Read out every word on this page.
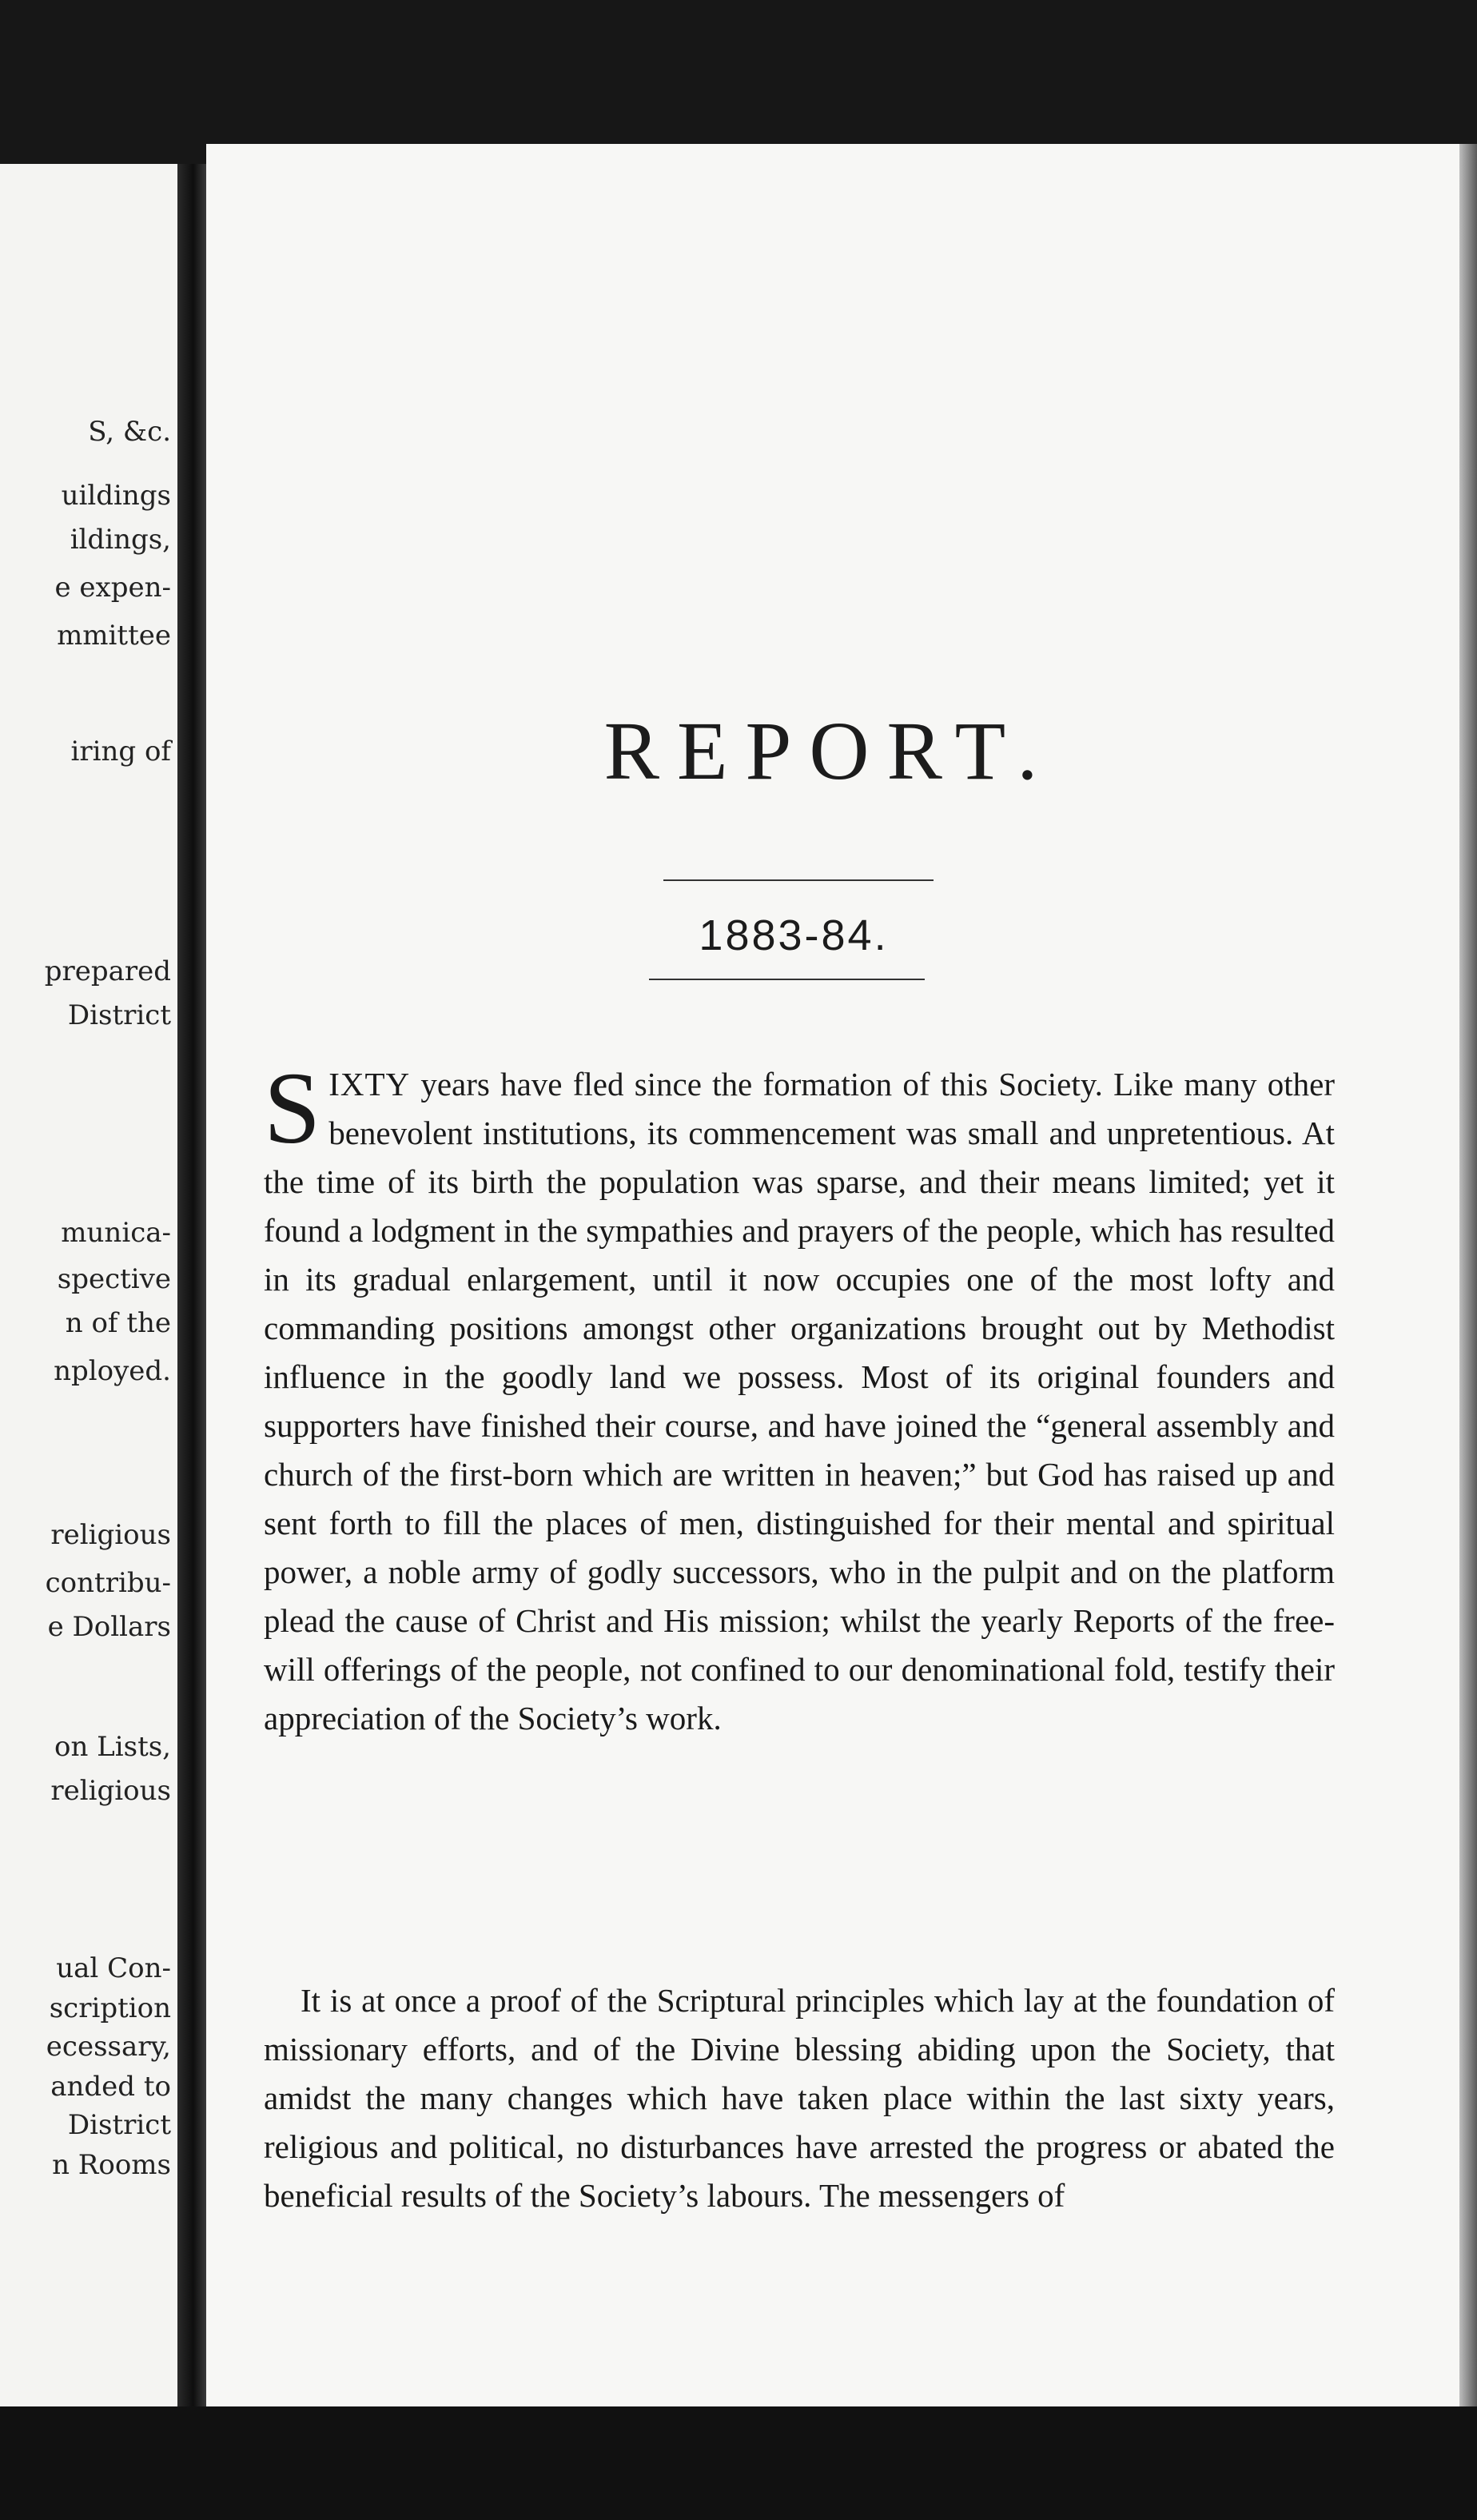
S, &c.
uildings
ildings,
e expen-
mmittee
iring of
prepared
District
munica-
spective
n of the
nployed.
religious
contribu-
e Dollars
on Lists,
religious
ual Con-
scription
ecessary,
anded to
District
n Rooms
REPORT.
1883-84.
SIXTY years have fled since the formation of this Society. Like many other benevolent institutions, its commencement was small and unpretentious. At the time of its birth the population was sparse, and their means limited; yet it found a lodgment in the sympathies and prayers of the people, which has resulted in its gradual enlargement, until it now occupies one of the most lofty and commanding positions amongst other organizations brought out by Methodist influence in the goodly land we possess. Most of its original founders and supporters have finished their course, and have joined the “general assembly and church of the first-born which are written in heaven;” but God has raised up and sent forth to fill the places of men, distinguished for their mental and spiritual power, a noble army of godly successors, who in the pulpit and on the platform plead the cause of Christ and His mission; whilst the yearly Reports of the free-will offerings of the people, not confined to our denominational fold, testify their appreciation of the Society’s work.
It is at once a proof of the Scriptural principles which lay at the foundation of missionary efforts, and of the Divine blessing abiding upon the Society, that amidst the many changes which have taken place within the last sixty years, religious and political, no disturbances have arrested the progress or abated the beneficial results of the Society’s labours. The messengers of
